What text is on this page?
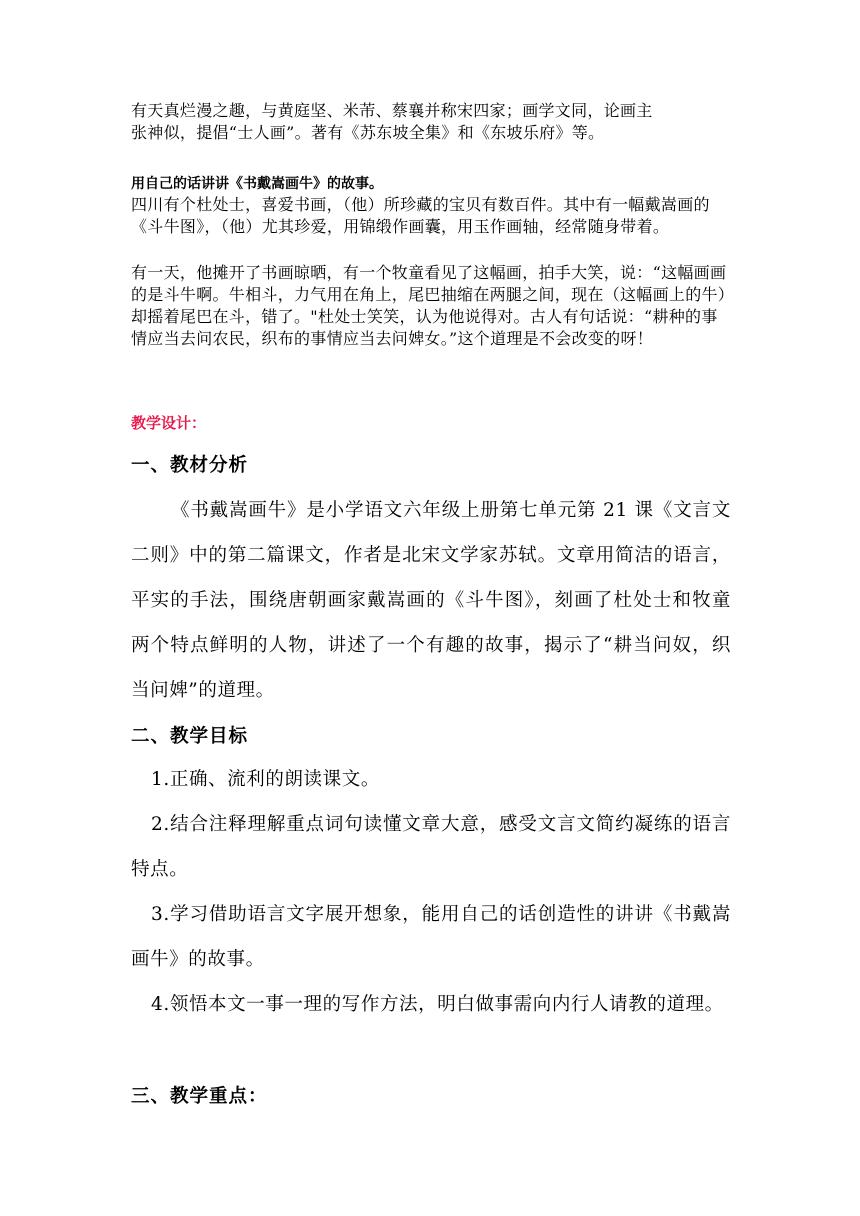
有天真烂漫之趣，与黄庭坚、米芾、蔡襄并称宋四家；画学文同，论画主

张神似，提倡“士人画”。著有《苏东坡全集》和《东坡乐府》等。

用自己的话讲讲《书戴嵩画牛》的故事。

四川有个杜处士，喜爱书画，（他）所珍藏的宝贝有数百件。其中有一幅戴嵩画的《斗牛图》，（他）尤其珍爱，用锦缎作画囊，用玉作画轴，经常随身带着。

有一天，他摊开了书画晾晒，有一个牧童看见了这幅画，拍手大笑，说：“这幅画画的是斗牛啊。牛相斗，力气用在角上，尾巴抽缩在两腿之间，现在（这幅画上的牛）却摇着尾巴在斗，错了。"杜处士笑笑，认为他说得对。古人有句话说：“耕种的事情应当去问农民，织布的事情应当去问婢女。”这个道理是不会改变的呀！

教学设计：
一、教材分析

《书戴嵩画牛》是小学语文六年级上册第七单元第 21 课《文言文二则》中的第二篇课文，作者是北宋文学家苏轼。文章用简洁的语言，平实的手法，围绕唐朝画家戴嵩画的《斗牛图》，刻画了杜处士和牧童两个特点鲜明的人物，讲述了一个有趣的故事，揭示了“耕当问奴，织当问婢”的道理。

二、教学目标

1.正确、流利的朗读课文。

2.结合注释理解重点词句读懂文章大意，感受文言文简约凝练的语言特点。

3.学习借助语言文字展开想象，能用自己的话创造性的讲讲《书戴嵩画牛》的故事。

4.领悟本文一事一理的写作方法，明白做事需向内行人请教的道理。

三、教学重点：
